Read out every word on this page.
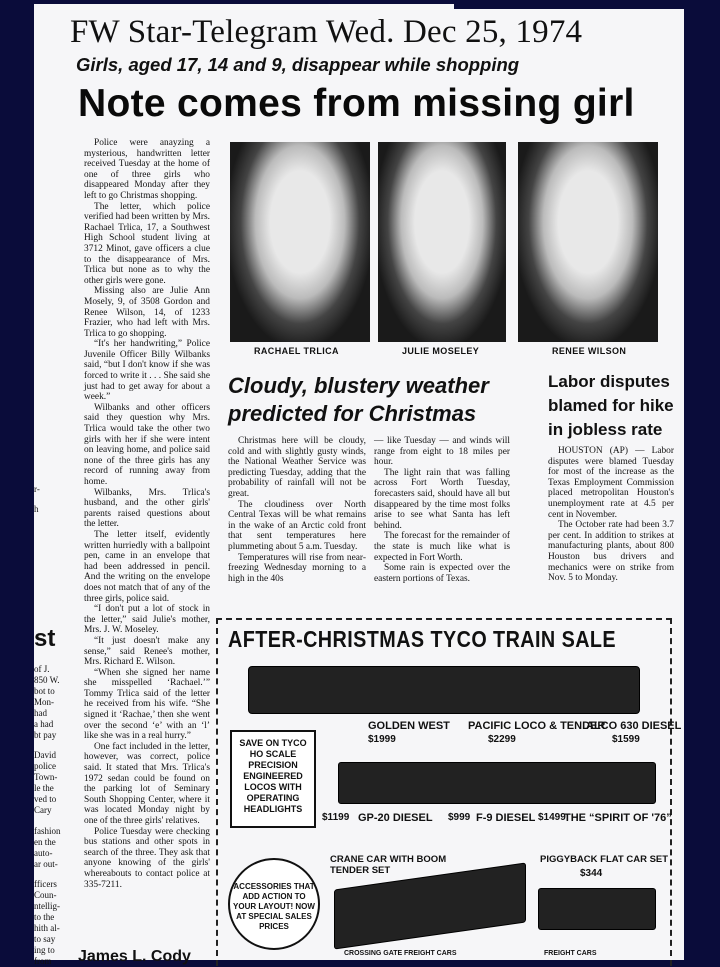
FW Star-Telegram Wed. Dec 25, 1974
Girls, aged 17, 14 and 9, disappear while shopping
Note comes from missing girl
r-
h
st
of J.
850 W.
bot to
Mon-
had
a had
bt pay
David
police
Town-
le the
ved to
Cary
fashion
en the
auto-
ar out-
fficers
Coun-
ntellig-
to the
hith al-
to say
ing to
from

Police were anayzing a mysterious, handwritten letter received Tuesday at the home of one of three girls who disappeared Monday after they left to go Christmas shopping.

The letter, which police verified had been written by Mrs. Rachael Trlica, 17, a Southwest High School student living at 3712 Minot, gave officers a clue to the disappearance of Mrs. Trlica but none as to why the other girls were gone.

Missing also are Julie Ann Mosely, 9, of 3508 Gordon and Renee Wilson, 14, of 1233 Frazier, who had left with Mrs. Trlica to go shopping.

“It's her handwriting,” Police Juvenile Officer Billy Wilbanks said, “but I don't know if she was forced to write it . . . She said she just had to get away for about a week.”

Wilbanks and other officers said they question why Mrs. Trlica would take the other two girls with her if she were intent on leaving home, and police said none of the three girls has any record of running away from home.

Wilbanks, Mrs. Trlica's husband, and the other girls' parents raised questions about the letter.

The letter itself, evidently written hurriedly with a ballpoint pen, came in an envelope that had been addressed in pencil. And the writing on the envelope does not match that of any of the three girls, police said.

“I don't put a lot of stock in the letter,” said Julie's mother, Mrs. J. W. Moseley.

“It just doesn't make any sense,” said Renee's mother, Mrs. Richard E. Wilson.

“When she signed her name she misspelled ‘Rachael.’” Tommy Trlica said of the letter he received from his wife. “She signed it ‘Rachae,’ then she went over the second ‘e’ with an ‘l’ like she was in a real hurry.”

One fact included in the letter, however, was correct, police said. It stated that Mrs. Trlica's 1972 sedan could be found on the parking lot of Seminary South Shopping Center, where it was located Monday night by one of the three girls' relatives.

Police Tuesday were checking bus stations and other spots in search of the three. They ask that anyone knowing of the girls' whereabouts to contact police at 335-7211.

RACHAEL TRLICA	JULIE MOSELEY	RENEE WILSON
Cloudy, blustery weather predicted for Christmas

Christmas here will be cloudy, cold and with slightly gusty winds, the National Weather Service was predicting Tuesday, adding that the probability of rainfall will not be great.

The cloudiness over North Central Texas will be what remains in the wake of an Arctic cold front that sent temperatures here plummeting about 5 a.m. Tuesday.

Temperatures will rise from near-freezing Wednesday morning to a high in the 40s

— like Tuesday — and winds will range from eight to 18 miles per hour.

The light rain that was falling across Fort Worth Tuesday, forecasters said, should have all but disappeared by the time most folks arise to see what Santa has left behind.

The forecast for the remainder of the state is much like what is expected in Fort Worth.

Some rain is expected over the eastern portions of Texas.

Labor disputes blamed for hike in jobless rate

HOUSTON (AP) — Labor disputes were blamed Tuesday for most of the increase as the Texas Employment Commission placed metropolitan Houston's unemployment rate at 4.5 per cent in November.

The October rate had been 3.7 per cent. In addition to strikes at manufacturing plants, about 800 Houston bus drivers and mechanics were on strike from Nov. 5 to Monday.

AFTER-CHRISTMAS TYCO TRAIN SALE
GOLDEN WEST PACIFIC LOCO & TENDER
ALCO 630 DIESEL
$1999	$2299	$1599
SAVE ON TYCO HO SCALE PRECISION ENGINEERED LOCOS WITH OPERATING HEADLIGHTS
$1199 GP-20 DIESEL $999 F-9 DIESEL $1499
THE “SPIRIT OF '76”
CRANE CAR WITH BOOM TENDER SET
PIGGYBACK FLAT CAR SET
$344
ACCESSORIES THAT ADD ACTION TO YOUR LAYOUT! NOW AT SPECIAL SALES PRICES
CROSSING GATE FREIGHT CARS	FREIGHT CARS
James L. Cody
